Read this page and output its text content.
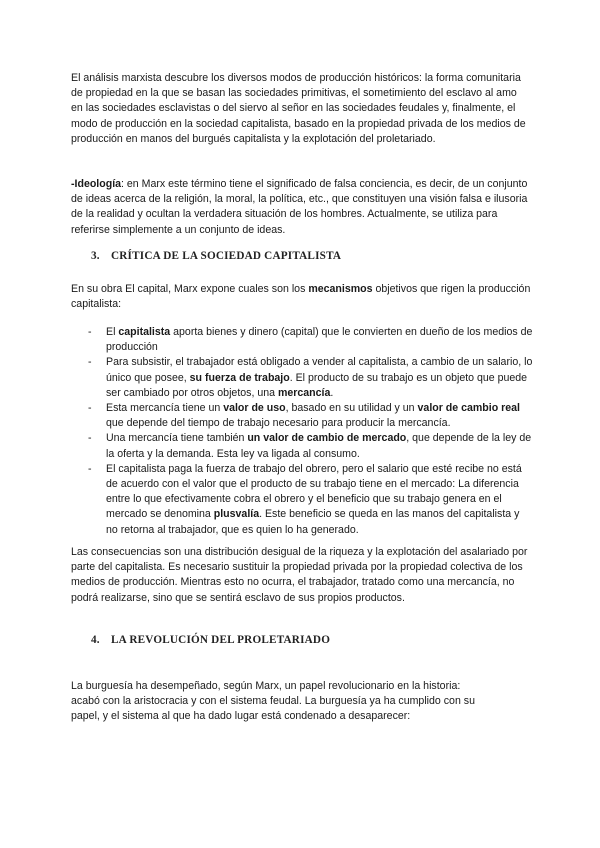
El análisis marxista descubre los diversos modos de producción históricos: la forma comunitaria de propiedad en la que se basan las sociedades primitivas, el sometimiento del esclavo al amo en las sociedades esclavistas o del siervo al señor en las sociedades feudales y, finalmente, el modo de producción en la sociedad capitalista, basado en la propiedad privada de los medios de producción en manos del burgués capitalista y la explotación del proletariado.

-Ideología: en Marx este término tiene el significado de falsa conciencia, es decir, de un conjunto de ideas acerca de la religión, la moral, la política, etc., que constituyen una visión falsa e ilusoria de la realidad y ocultan la verdadera situación de los hombres. Actualmente, se utiliza para referirse simplemente a un conjunto de ideas.

3. CRÍTICA DE LA SOCIEDAD CAPITALISTA

En su obra El capital, Marx expone cuales son los mecanismos objetivos que rigen la producción capitalista:

- El capitalista aporta bienes y dinero (capital) que le convierten en dueño de los medios de producción
- Para subsistir, el trabajador está obligado a vender al capitalista, a cambio de un salario, lo único que posee, su fuerza de trabajo. El producto de su trabajo es un objeto que puede ser cambiado por otros objetos, una mercancía.
- Esta mercancía tiene un valor de uso, basado en su utilidad y un valor de cambio real que depende del tiempo de trabajo necesario para producir la mercancía.
- Una mercancía tiene también un valor de cambio de mercado, que depende de la ley de la oferta y la demanda. Esta ley va ligada al consumo.
- El capitalista paga la fuerza de trabajo del obrero, pero el salario que esté recibe no está de acuerdo con el valor que el producto de su trabajo tiene en el mercado: La diferencia entre lo que efectivamente cobra el obrero y el beneficio que su trabajo genera en el mercado se denomina plusvalía. Este beneficio se queda en las manos del capitalista y no retorna al trabajador, que es quien lo ha generado.

Las consecuencias son una distribución desigual de la riqueza y la explotación del asalariado por parte del capitalista. Es necesario sustituir la propiedad privada por la propiedad colectiva de los medios de producción. Mientras esto no ocurra, el trabajador, tratado como una mercancía, no podrá realizarse, sino que se sentirá esclavo de sus propios productos.

4. LA REVOLUCIÓN DEL PROLETARIADO

La burguesía ha desempeñado, según Marx, un papel revolucionario en la historia:
acabó con la aristocracia y con el sistema feudal. La burguesía ya ha cumplido con su
papel, y el sistema al que ha dado lugar está condenado a desaparecer:
